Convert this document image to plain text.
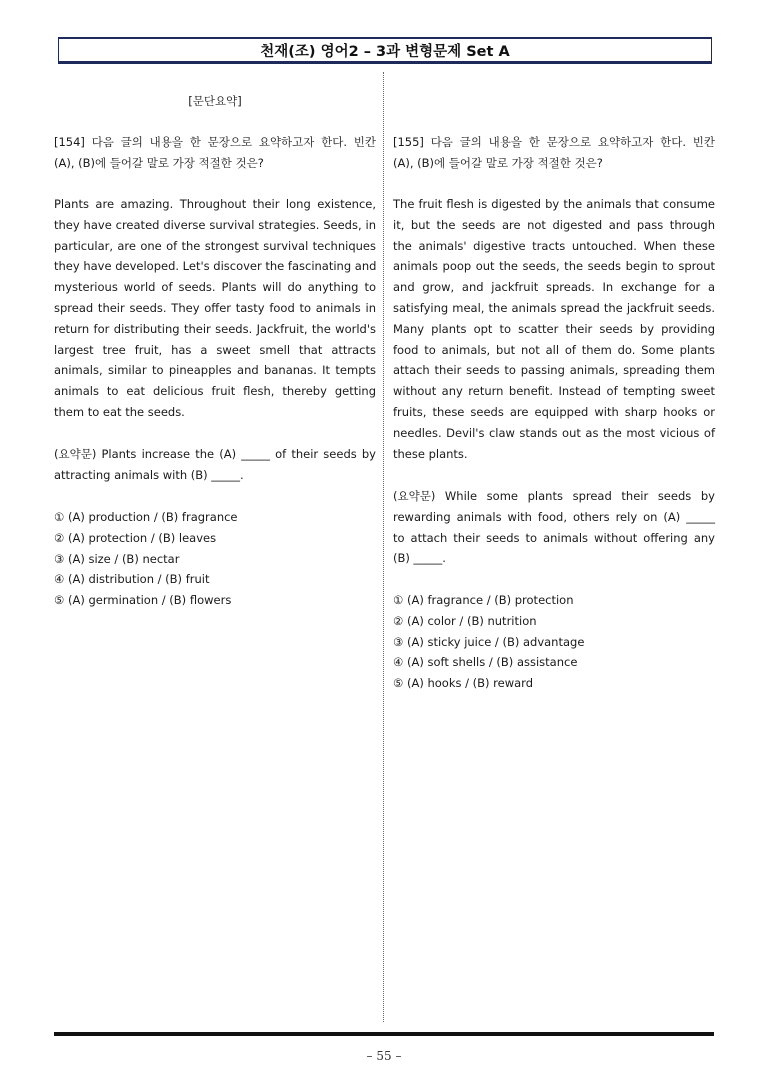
천재(조) 영어2 – 3과 변형문제 Set A
[문단요약]
[154] 다음 글의 내용을 한 문장으로 요약하고자 한다. 빈칸
(A), (B)에 들어갈 말로 가장 적절한 것은?
Plants are amazing. Throughout their long existence,
they have created diverse survival strategies. Seeds, in
particular, are one of the strongest survival techniques
they have developed. Let's discover the fascinating and
mysterious world of seeds. Plants will do anything to
spread their seeds. They offer tasty food to animals in
return for distributing their seeds. Jackfruit, the world's
largest tree fruit, has a sweet smell that attracts
animals, similar to pineapples and bananas. It tempts
animals to eat delicious fruit flesh, thereby getting
them to eat the seeds.
(요약문) Plants increase the (A) _____ of their seeds by
attracting animals with (B) _____.
① (A) production / (B) fragrance
② (A) protection / (B) leaves
③ (A) size / (B) nectar
④ (A) distribution / (B) fruit
⑤ (A) germination / (B) flowers
[155] 다음 글의 내용을 한 문장으로 요약하고자 한다. 빈칸
(A), (B)에 들어갈 말로 가장 적절한 것은?
The fruit flesh is digested by the animals that consume
it, but the seeds are not digested and pass through
the animals' digestive tracts untouched. When these
animals poop out the seeds, the seeds begin to sprout
and grow, and jackfruit spreads. In exchange for a
satisfying meal, the animals spread the jackfruit seeds.
Many plants opt to scatter their seeds by providing
food to animals, but not all of them do. Some plants
attach their seeds to passing animals, spreading them
without any return benefit. Instead of tempting sweet
fruits, these seeds are equipped with sharp hooks or
needles. Devil's claw stands out as the most vicious of
these plants.
(요약문) While some plants spread their seeds by
rewarding animals with food, others rely on (A) _____
to attach their seeds to animals without offering any
(B) _____.
① (A) fragrance / (B) protection
② (A) color / (B) nutrition
③ (A) sticky juice / (B) advantage
④ (A) soft shells / (B) assistance
⑤ (A) hooks / (B) reward
– 55 –
